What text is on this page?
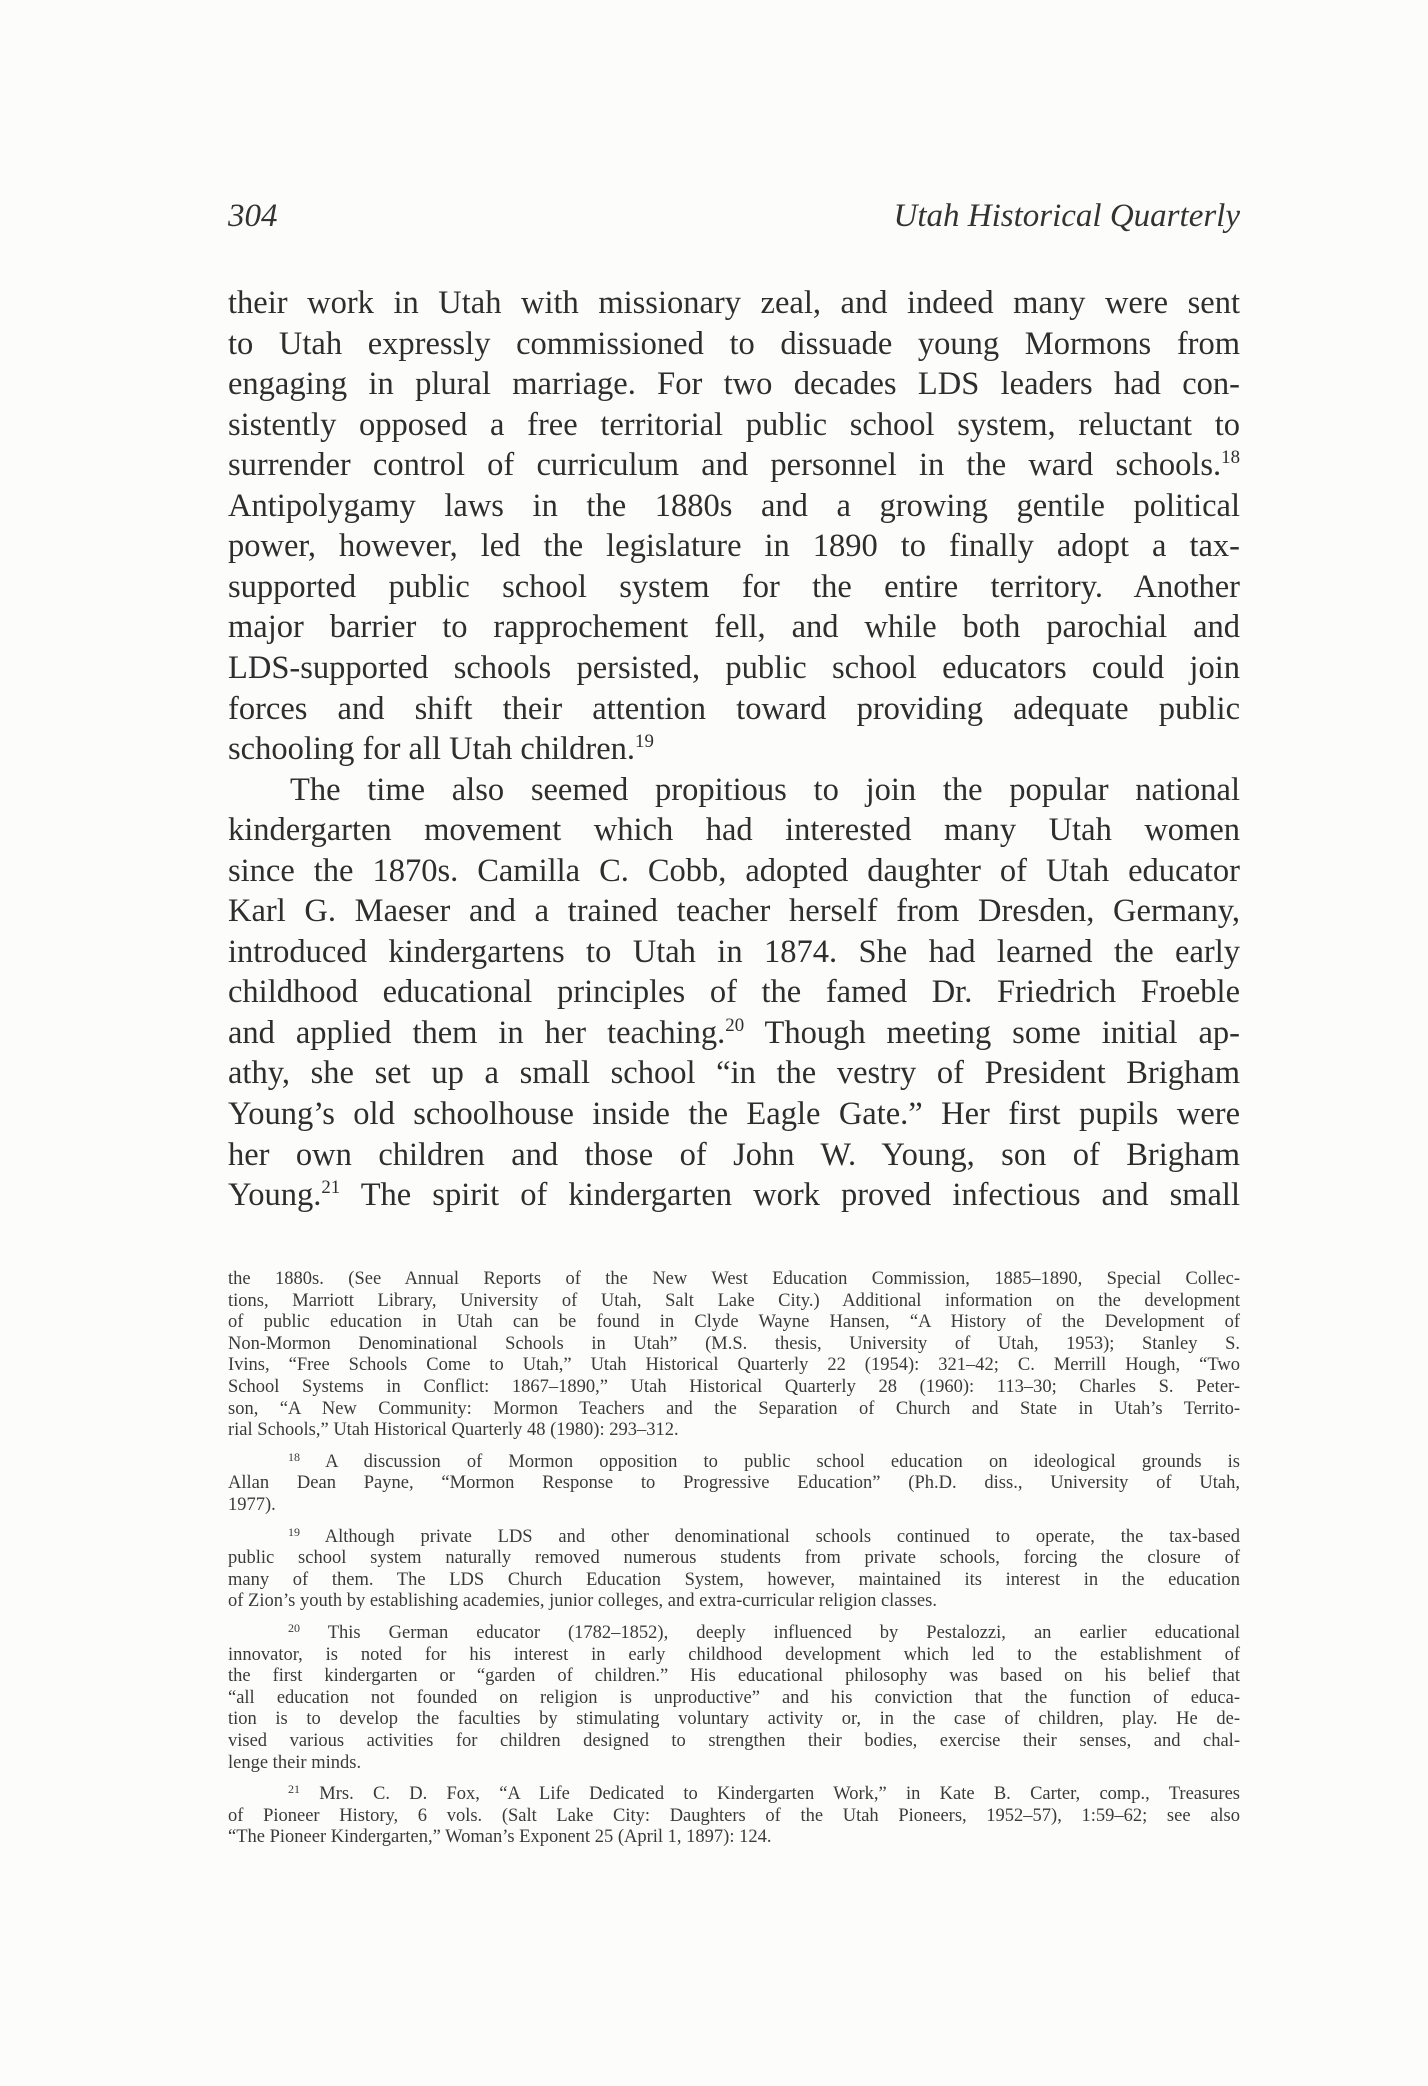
304	Utah Historical Quarterly
their work in Utah with missionary zeal, and indeed many were sent
to Utah expressly commissioned to dissuade young Mormons from
engaging in plural marriage. For two decades LDS leaders had con-
sistently opposed a free territorial public school system, reluctant to
surrender control of curriculum and personnel in the ward schools.$^{18}$
Antipolygamy laws in the 1880s and a growing gentile political
power, however, led the legislature in 1890 to finally adopt a tax-
supported public school system for the entire territory. Another
major barrier to rapprochement fell, and while both parochial and
LDS-supported schools persisted, public school educators could join
forces and shift their attention toward providing adequate public
schooling for all Utah children.$^{19}$
The time also seemed propitious to join the popular national
kindergarten movement which had interested many Utah women
since the 1870s. Camilla C. Cobb, adopted daughter of Utah educator
Karl G. Maeser and a trained teacher herself from Dresden, Germany,
introduced kindergartens to Utah in 1874. She had learned the early
childhood educational principles of the famed Dr. Friedrich Froeble
and applied them in her teaching.$^{20}$ Though meeting some initial ap-
athy, she set up a small school “in the vestry of President Brigham
Young’s old schoolhouse inside the Eagle Gate.” Her first pupils were
her own children and those of John W. Young, son of Brigham
Young.$^{21}$ The spirit of kindergarten work proved infectious and small
the 1880s. (See Annual Reports of the New West Education Commission, 1885–1890, Special Collec-
tions, Marriott Library, University of Utah, Salt Lake City.) Additional information on the development
of public education in Utah can be found in Clyde Wayne Hansen, “A History of the Development of
Non-Mormon Denominational Schools in Utah” (M.S. thesis, University of Utah, 1953); Stanley S.
Ivins, “Free Schools Come to Utah,” Utah Historical Quarterly 22 (1954): 321–42; C. Merrill Hough, “Two
School Systems in Conflict: 1867–1890,” Utah Historical Quarterly 28 (1960): 113–30; Charles S. Peter-
son, “A New Community: Mormon Teachers and the Separation of Church and State in Utah’s Territo-
rial Schools,” Utah Historical Quarterly 48 (1980): 293–312.
$^{18}$ A discussion of Mormon opposition to public school education on ideological grounds is
Allan Dean Payne, “Mormon Response to Progressive Education” (Ph.D. diss., University of Utah,
1977).
$^{19}$ Although private LDS and other denominational schools continued to operate, the tax-based
public school system naturally removed numerous students from private schools, forcing the closure of
many of them. The LDS Church Education System, however, maintained its interest in the education
of Zion’s youth by establishing academies, junior colleges, and extra-curricular religion classes.
$^{20}$ This German educator (1782–1852), deeply influenced by Pestalozzi, an earlier educational
innovator, is noted for his interest in early childhood development which led to the establishment of
the first kindergarten or “garden of children.” His educational philosophy was based on his belief that
“all education not founded on religion is unproductive” and his conviction that the function of educa-
tion is to develop the faculties by stimulating voluntary activity or, in the case of children, play. He de-
vised various activities for children designed to strengthen their bodies, exercise their senses, and chal-
lenge their minds.
$^{21}$ Mrs. C. D. Fox, “A Life Dedicated to Kindergarten Work,” in Kate B. Carter, comp., Treasures
of Pioneer History, 6 vols. (Salt Lake City: Daughters of the Utah Pioneers, 1952–57), 1:59–62; see also
“The Pioneer Kindergarten,” Woman’s Exponent 25 (April 1, 1897): 124.
